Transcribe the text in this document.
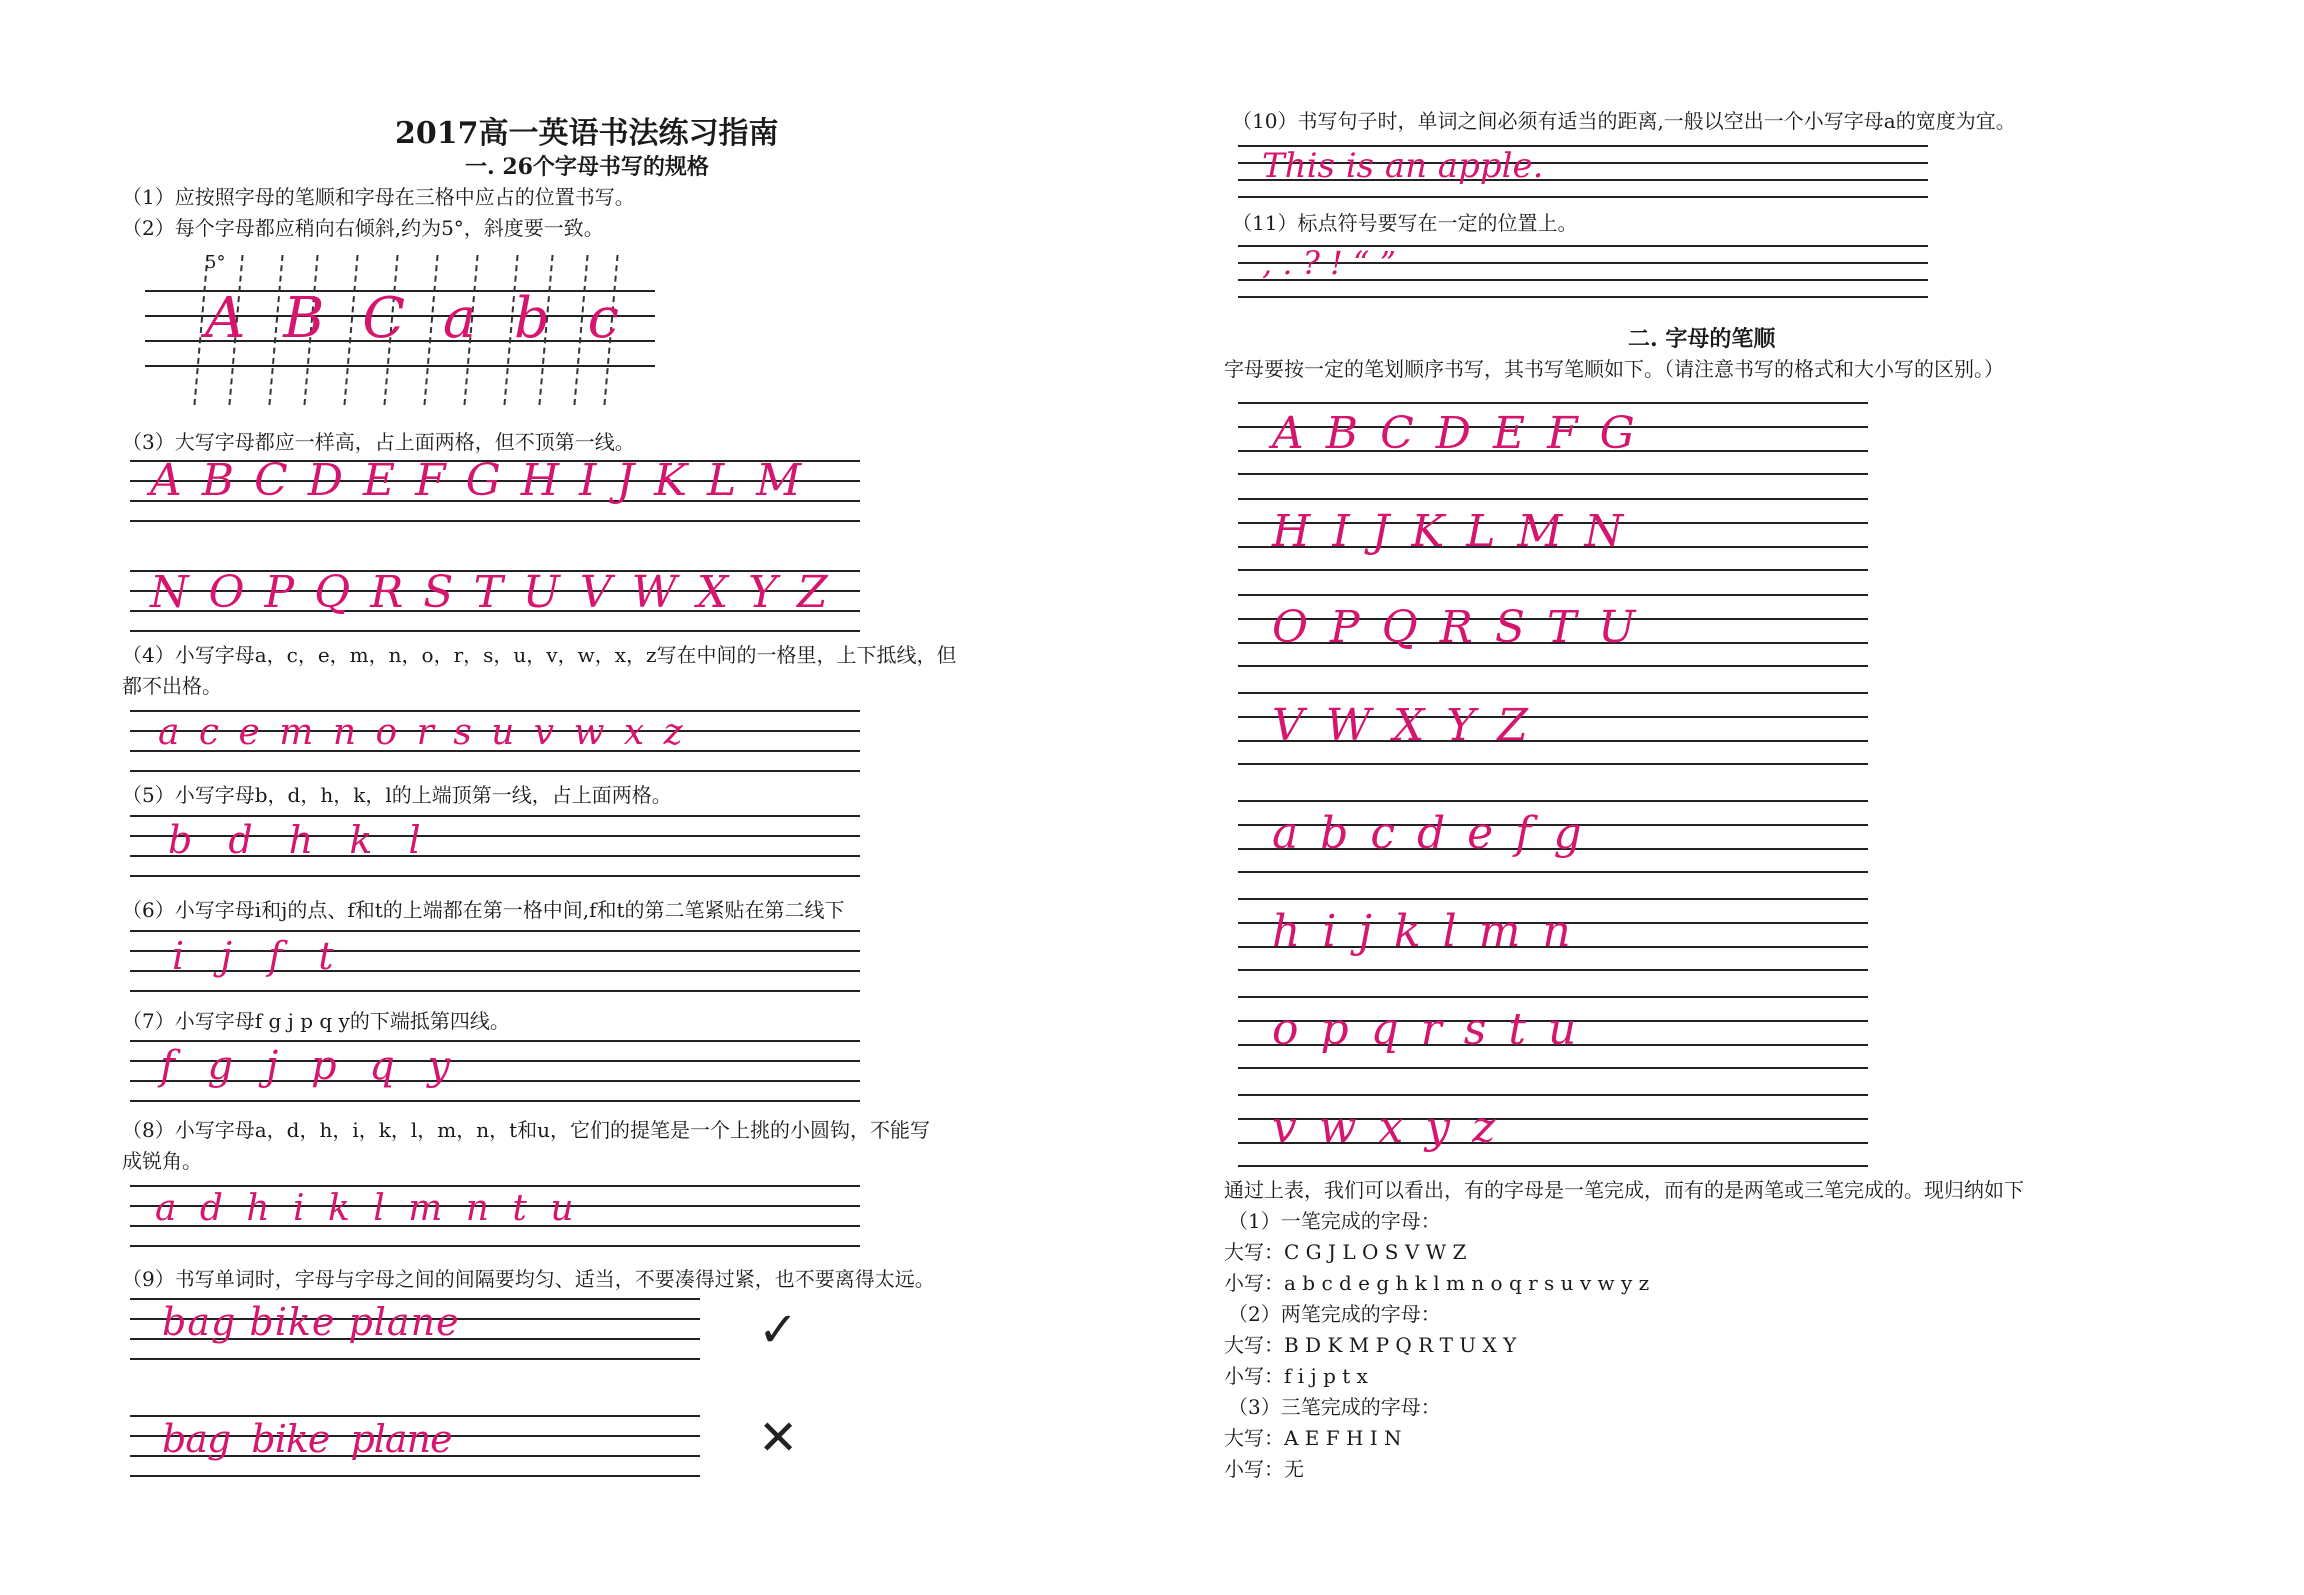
2017高一英语书法练习指南
一. 26个字母书写的规格
（1）应按照字母的笔顺和字母在三格中应占的位置书写。
（2）每个字母都应稍向右倾斜,约为5°，斜度要一致。
5°
A B C a b c
（3）大写字母都应一样高，占上面两格，但不顶第一线。
A B C D E F G H I J K L M
N O P Q R S T U V W X Y Z
（4）小写字母a，c，e，m，n，o，r，s，u，v，w，x，z写在中间的一格里，上下抵线，但
都不出格。
a c e m n o r s u v w x z
（5）小写字母b，d，h，k，l的上端顶第一线，占上面两格。
b d h k l
（6）小写字母i和j的点、f和t的上端都在第一格中间,f和t的第二笔紧贴在第二线下
i j f t
（7）小写字母f g j p q y的下端抵第四线。
f g j p q y
（8）小写字母a，d，h，i，k，l，m，n，t和u，它们的提笔是一个上挑的小圆钩，不能写
成锐角。
a d h i k l m n t u
（9）书写单词时，字母与字母之间的间隔要均匀、适当，不要凑得过紧，也不要离得太远。
bag bike plane	✓
bag bike plane	✕
（10）书写句子时，单词之间必须有适当的距离,一般以空出一个小写字母a的宽度为宜。
This is an apple.
（11）标点符号要写在一定的位置上。
, . ? ! “ ”
二. 字母的笔顺
字母要按一定的笔划顺序书写，其书写笔顺如下。（请注意书写的格式和大小写的区别。）
A B C D E F G
H I J K L M N
O P Q R S T U
V W X Y Z
a b c d e f g
h i j k l m n
o p q r s t u
v w x y z
通过上表，我们可以看出，有的字母是一笔完成，而有的是两笔或三笔完成的。现归纳如下
（1）一笔完成的字母：
大写：C G J L O S V W Z
小写：a b c d e g h k l m n o q r s u v w y z
（2）两笔完成的字母：
大写：B D K M P Q R T U X Y
小写：f i j p t x
（3）三笔完成的字母：
大写：A E F H I N
小写：无
